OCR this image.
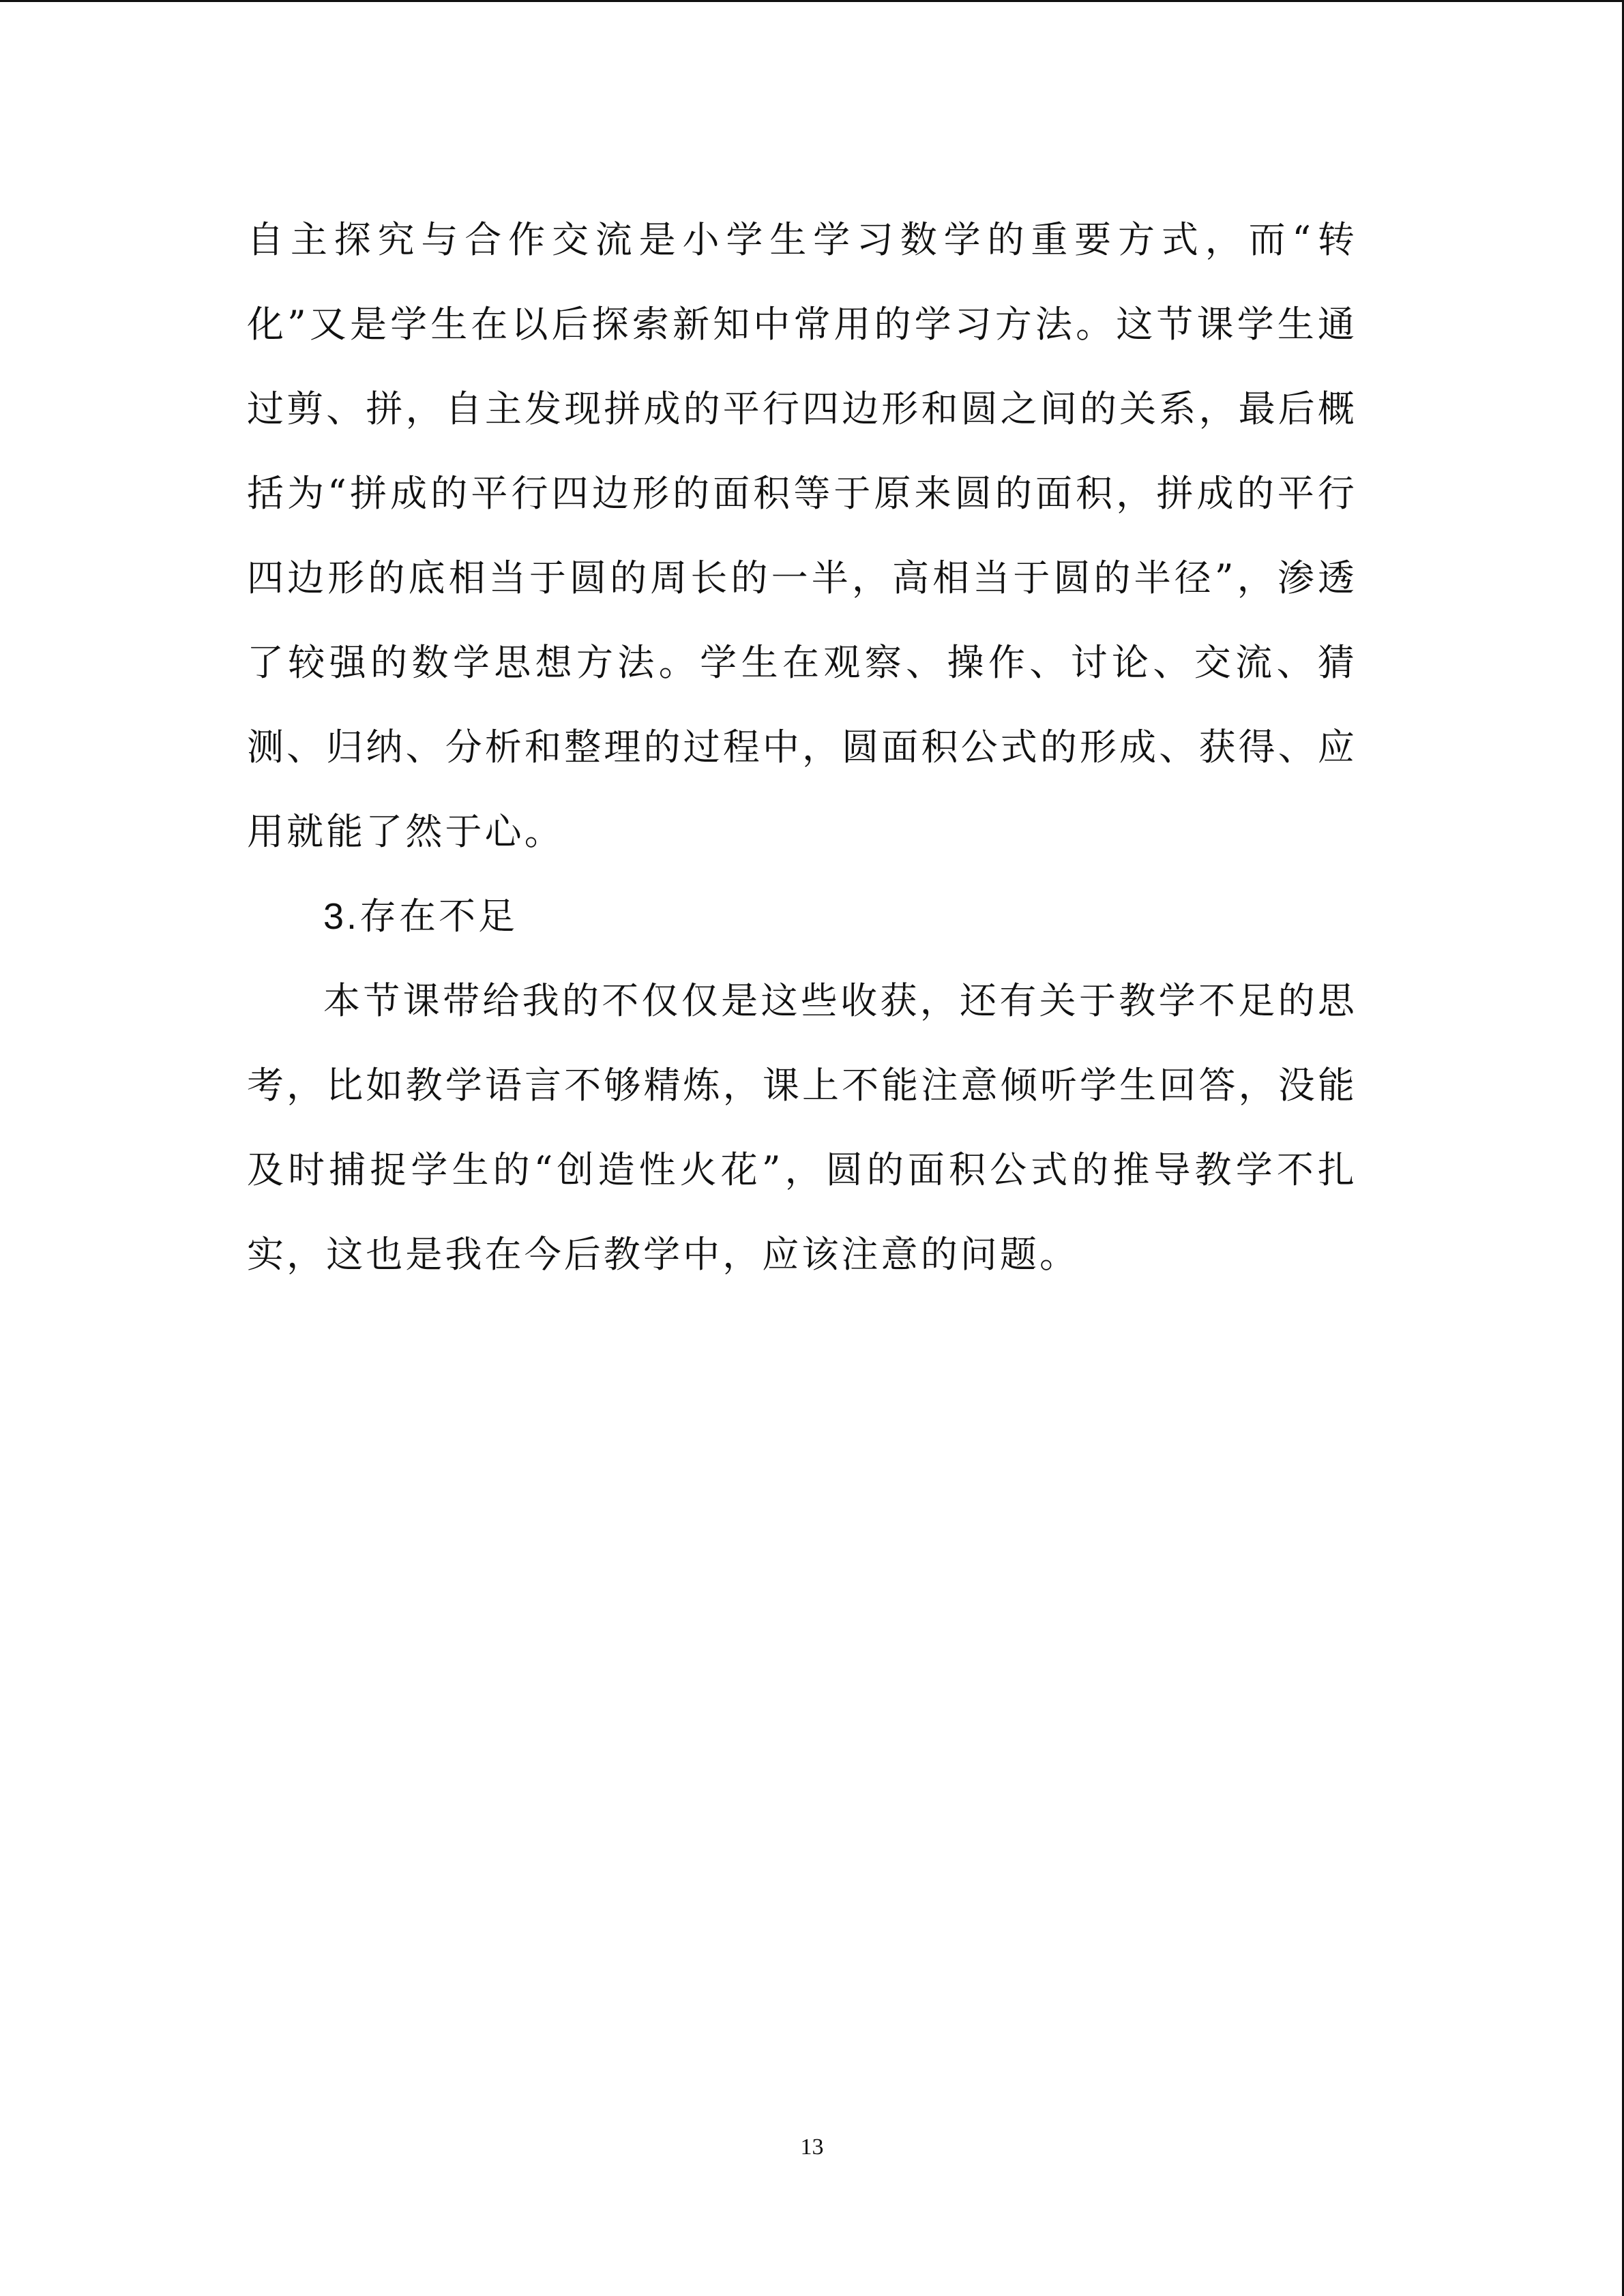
自主探究与合作交流是小学生学习数学的重要方式，而“转化”又是学生在以后探索新知中常用的学习方法。这节课学生通过剪、拼，自主发现拼成的平行四边形和圆之间的关系，最后概括为“拼成的平行四边形的面积等于原来圆的面积，拼成的平行四边形的底相当于圆的周长的一半，高相当于圆的半径”，渗透了较强的数学思想方法。学生在观察、操作、讨论、交流、猜测、归纳、分析和整理的过程中，圆面积公式的形成、获得、应用就能了然于心。

3.存在不足

本节课带给我的不仅仅是这些收获，还有关于教学不足的思考，比如教学语言不够精炼，课上不能注意倾听学生回答，没能及时捕捉学生的“创造性火花”，圆的面积公式的推导教学不扎实，这也是我在今后教学中，应该注意的问题。

13
